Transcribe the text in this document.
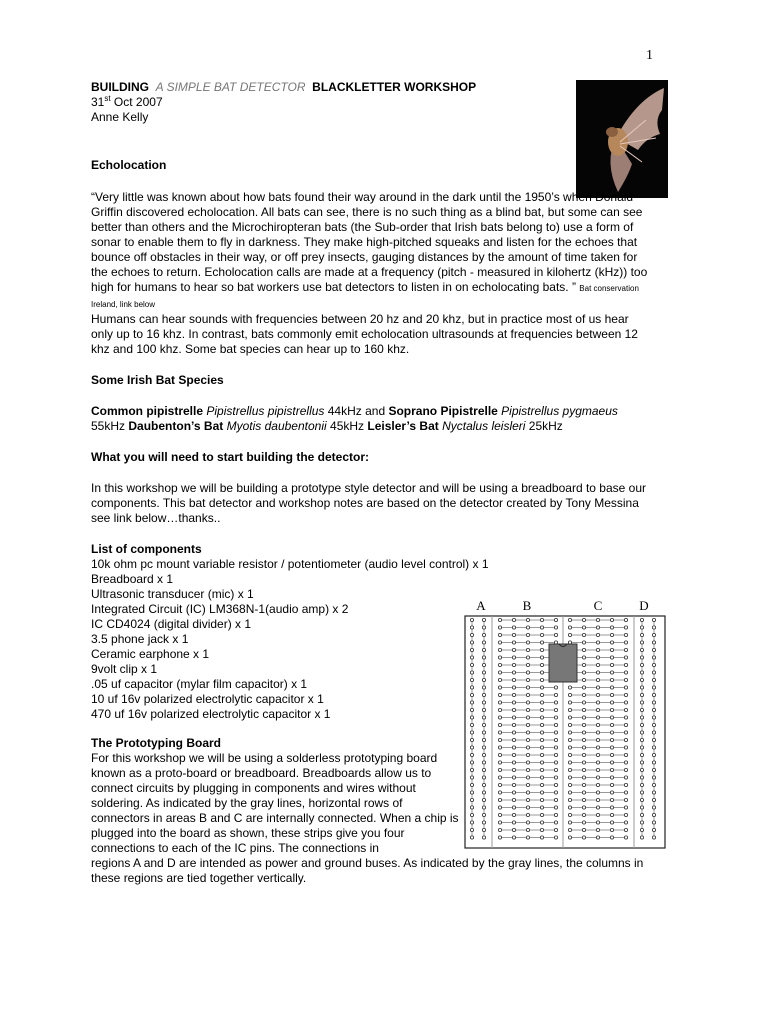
1
BUILDING A SIMPLE BAT DETECTOR BLACKLETTER WORKSHOP
31st Oct 2007
Anne Kelly
Echolocation
“Very little was known about how bats found their way around in the dark until the 1950’s when Donald Griffin discovered echolocation. All bats can see, there is no such thing as a blind bat, but some can see better than others and the Microchiropteran bats (the Sub-order that Irish bats belong to) use a form of sonar to enable them to fly in darkness. They make high-pitched squeaks and listen for the echoes that bounce off obstacles in their way, or off prey insects, gauging distances by the amount of time taken for the echoes to return. Echolocation calls are made at a frequency (pitch - measured in kilohertz (kHz)) too high for humans to hear so bat workers use bat detectors to listen in on echolocating bats. ” Bat conservation Ireland, link below
Humans can hear sounds with frequencies between 20 hz and 20 khz, but in practice most of us hear only up to 16 khz. In contrast, bats commonly emit echolocation ultrasounds at frequencies between 12 khz and 100 khz. Some bat species can hear up to 160 khz.
Some Irish Bat Species
Common pipistrelle Pipistrellus pipistrellus 44kHz and Soprano Pipistrelle Pipistrellus pygmaeus 55kHz Daubenton’s Bat Myotis daubentonii 45kHz Leisler’s Bat Nyctalus leisleri 25kHz
What you will need to start building the detector:
In this workshop we will be building a prototype style detector and will be using a breadboard to base our components. This bat detector and workshop notes are based on the detector created by Tony Messina see link below…thanks..
List of components
10k ohm pc mount variable resistor / potentiometer (audio level control) x 1
Breadboard x 1
Ultrasonic transducer (mic) x 1
Integrated Circuit (IC) LM368N-1(audio amp) x 2
IC CD4024 (digital divider) x 1
3.5 phone jack x 1
Ceramic earphone x 1
9volt clip x 1
.05 uf capacitor (mylar film capacitor) x 1
10 uf 16v polarized electrolytic capacitor x 1
470 uf 16v polarized electrolytic capacitor x 1
The Prototyping Board
For this workshop we will be using a solderless prototyping board known as a proto-board or breadboard. Breadboards allow us to connect circuits by plugging in components and wires without soldering. As indicated by the gray lines, horizontal rows of connectors in areas B and C are internally connected. When a chip is plugged into the board as shown, these strips give you four connections to each of the IC pins. The connections in
regions A and D are intended as power and ground buses. As indicated by the gray lines, the columns in these regions are tied together vertically.
A	B	C	D
